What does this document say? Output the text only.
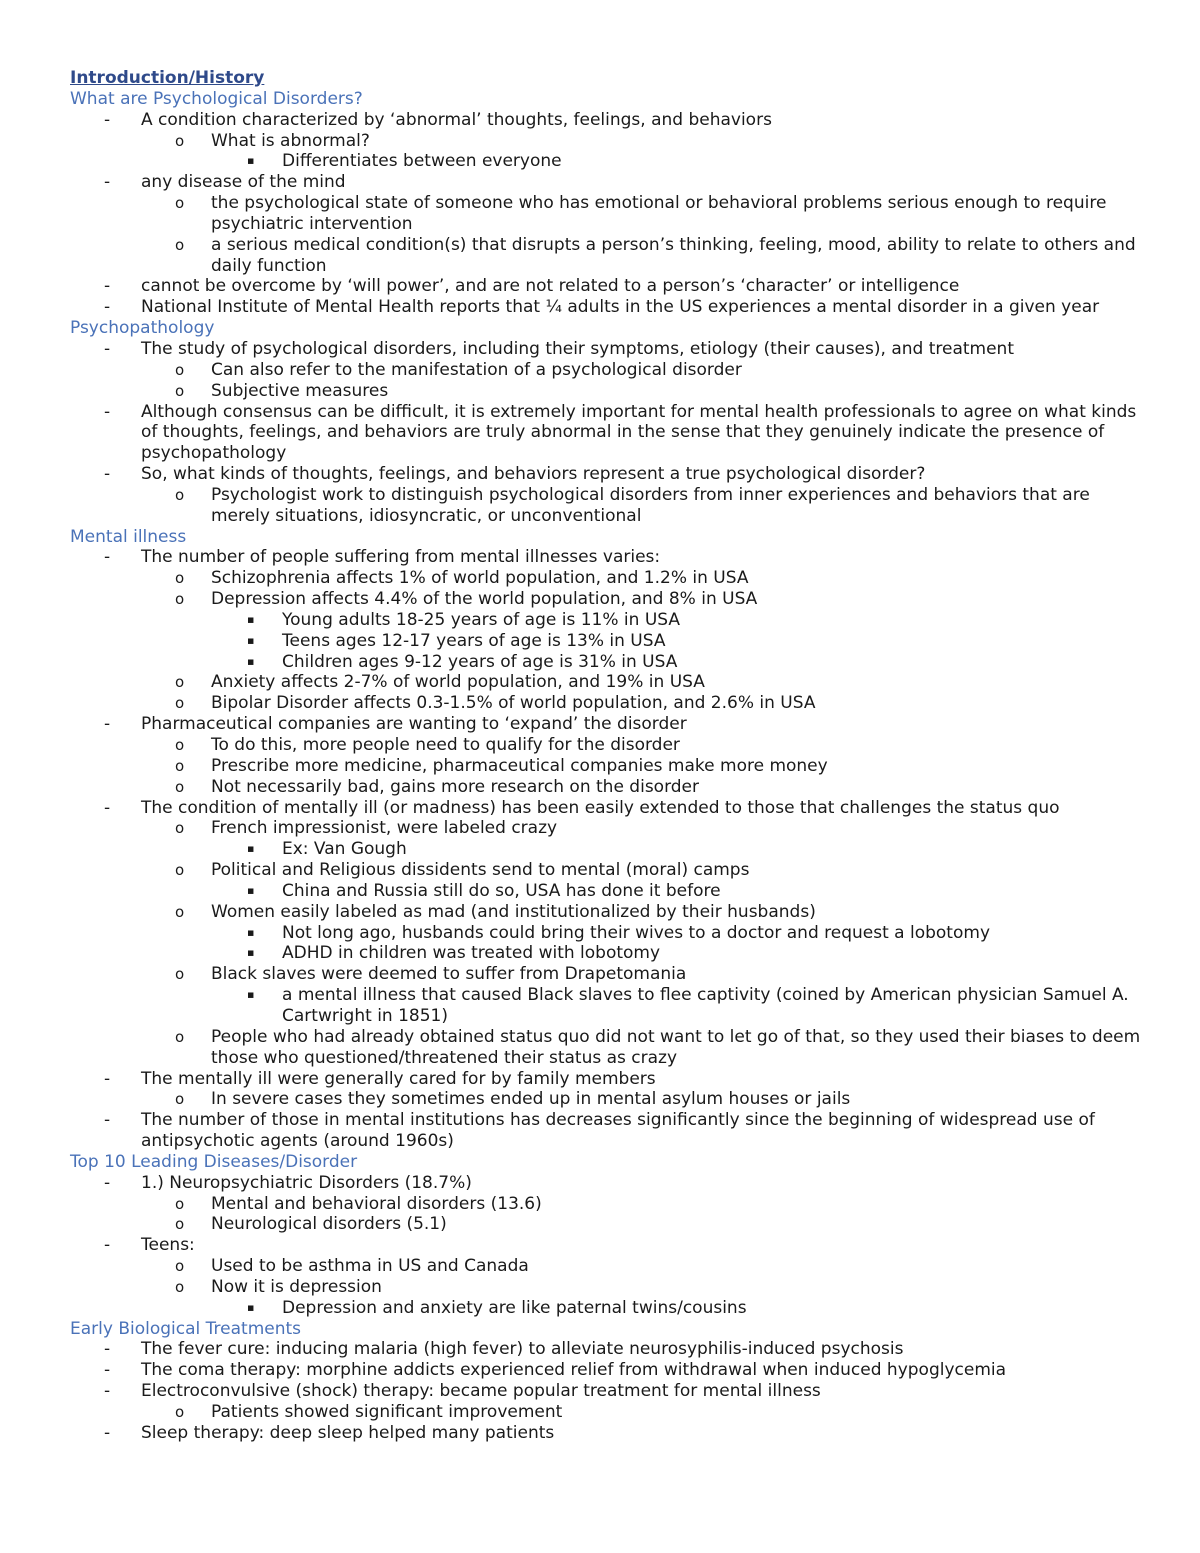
Introduction/History
What are Psychological Disorders?
- A condition characterized by ‘abnormal’ thoughts, feelings, and behaviors
o What is abnormal?
▪ Differentiates between everyone
- any disease of the mind
o the psychological state of someone who has emotional or behavioral problems serious enough to require psychiatric intervention
o a serious medical condition(s) that disrupts a person’s thinking, feeling, mood, ability to relate to others and daily function
- cannot be overcome by ‘will power’, and are not related to a person’s ‘character’ or intelligence
- National Institute of Mental Health reports that ¼ adults in the US experiences a mental disorder in a given year
Psychopathology
- The study of psychological disorders, including their symptoms, etiology (their causes), and treatment
o Can also refer to the manifestation of a psychological disorder
o Subjective measures
- Although consensus can be difficult, it is extremely important for mental health professionals to agree on what kinds of thoughts, feelings, and behaviors are truly abnormal in the sense that they genuinely indicate the presence of psychopathology
- So, what kinds of thoughts, feelings, and behaviors represent a true psychological disorder?
o Psychologist work to distinguish psychological disorders from inner experiences and behaviors that are merely situations, idiosyncratic, or unconventional
Mental illness
- The number of people suffering from mental illnesses varies:
o Schizophrenia affects 1% of world population, and 1.2% in USA
o Depression affects 4.4% of the world population, and 8% in USA
▪ Young adults 18-25 years of age is 11% in USA
▪ Teens ages 12-17 years of age is 13% in USA
▪ Children ages 9-12 years of age is 31% in USA
o Anxiety affects 2-7% of world population, and 19% in USA
o Bipolar Disorder affects 0.3-1.5% of world population, and 2.6% in USA
- Pharmaceutical companies are wanting to ‘expand’ the disorder
o To do this, more people need to qualify for the disorder
o Prescribe more medicine, pharmaceutical companies make more money
o Not necessarily bad, gains more research on the disorder
- The condition of mentally ill (or madness) has been easily extended to those that challenges the status quo
o French impressionist, were labeled crazy
▪ Ex: Van Gough
o Political and Religious dissidents send to mental (moral) camps
▪ China and Russia still do so, USA has done it before
o Women easily labeled as mad (and institutionalized by their husbands)
▪ Not long ago, husbands could bring their wives to a doctor and request a lobotomy
▪ ADHD in children was treated with lobotomy
o Black slaves were deemed to suffer from Drapetomania
▪ a mental illness that caused Black slaves to flee captivity (coined by American physician Samuel A. Cartwright in 1851)
o People who had already obtained status quo did not want to let go of that, so they used their biases to deem those who questioned/threatened their status as crazy
- The mentally ill were generally cared for by family members
o In severe cases they sometimes ended up in mental asylum houses or jails
- The number of those in mental institutions has decreases significantly since the beginning of widespread use of antipsychotic agents (around 1960s)
Top 10 Leading Diseases/Disorder
- 1.) Neuropsychiatric Disorders (18.7%)
o Mental and behavioral disorders (13.6)
o Neurological disorders (5.1)
- Teens:
o Used to be asthma in US and Canada
o Now it is depression
▪ Depression and anxiety are like paternal twins/cousins
Early Biological Treatments
- The fever cure: inducing malaria (high fever) to alleviate neurosyphilis-induced psychosis
- The coma therapy: morphine addicts experienced relief from withdrawal when induced hypoglycemia
- Electroconvulsive (shock) therapy: became popular treatment for mental illness
o Patients showed significant improvement
- Sleep therapy: deep sleep helped many patients
